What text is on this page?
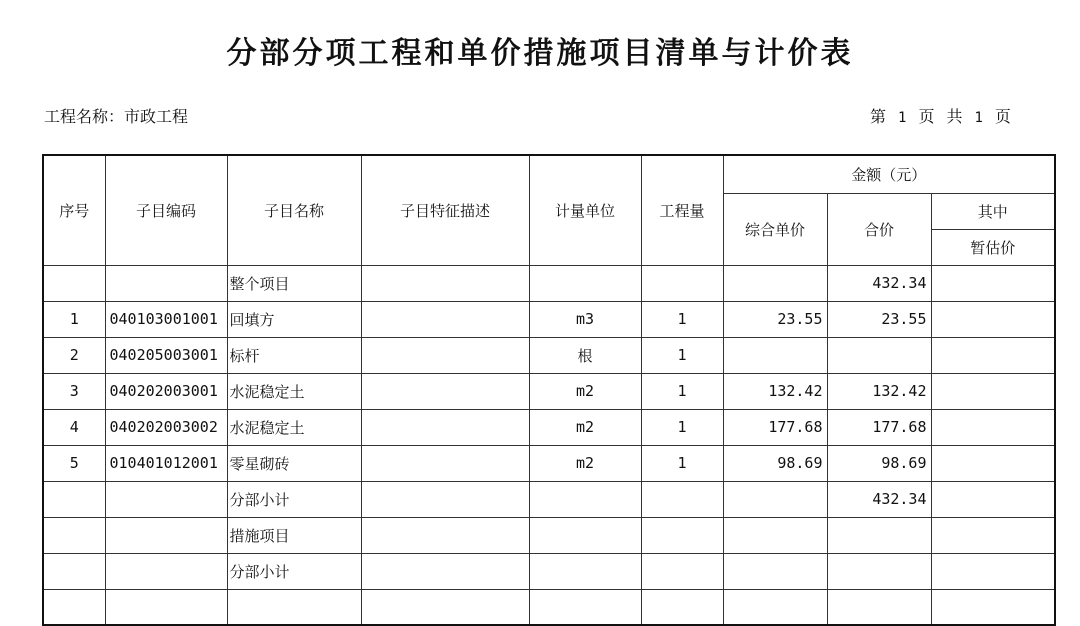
分部分项工程和单价措施项目清单与计价表
工程名称：市政工程	第 1 页 共 1 页
序号	子目编码	子目名称	子目特征描述	计量单位	工程量	金额（元）		
						综合单价	合价	其中
								暂估价
		整个项目					432.34	
1	040103001001	回填方		m3	1	23.55	23.55	
2	040205003001	标杆		根	1			
3	040202003001	水泥稳定土		m2	1	132.42	132.42	
4	040202003002	水泥稳定土		m2	1	177.68	177.68	
5	010401012001	零星砌砖		m2	1	98.69	98.69	
		分部小计					432.34	
		措施项目						
		分部小计						
